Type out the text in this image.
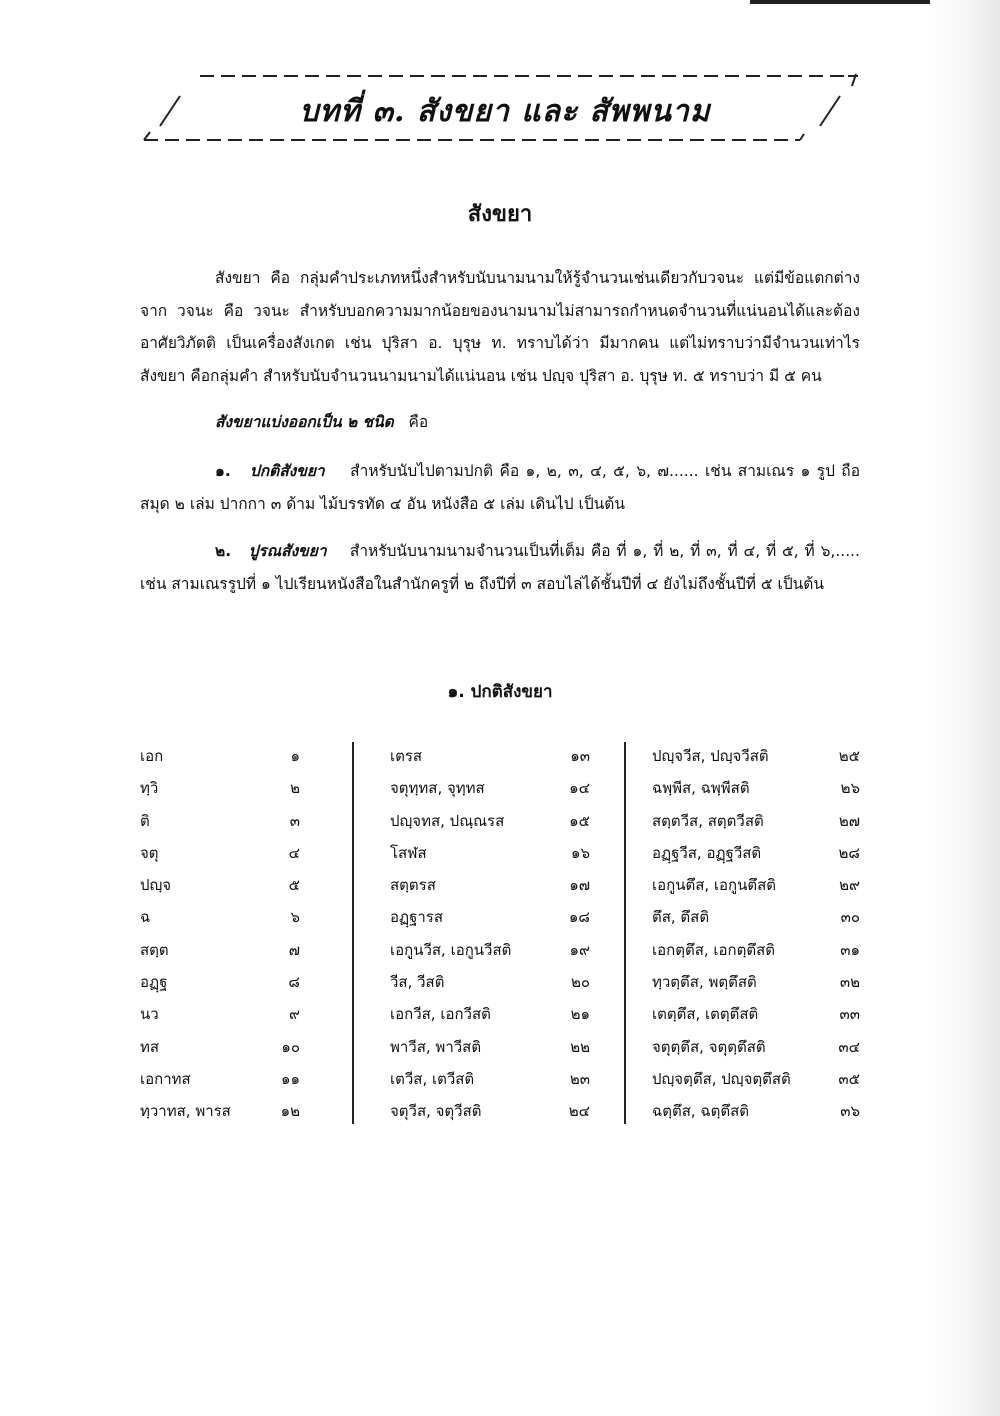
บทที่ ๓. สังขยา และ สัพพนาม
สังขยา
สังขยา คือ กลุ่มคำประเภทหนึ่งสำหรับนับนามนามให้รู้จำนวนเช่นเดียวกับวจนะ แต่มีข้อแตกต่างจาก วจนะ คือ วจนะ สำหรับบอกความมากน้อยของนามนามไม่สามารถกำหนดจำนวนที่แน่นอนได้และต้องอาศัยวิภัตติ เป็นเครื่องสังเกต เช่น ปุริสา อ. บุรุษ ท. ทราบได้ว่า มีมากคน แต่ไม่ทราบว่ามีจำนวนเท่าไร สังขยา คือกลุ่มคำ สำหรับนับจำนวนนามนามได้แน่นอน เช่น ปญฺจ ปุริสา อ. บุรุษ ท. ๕ ทราบว่า มี ๕ คน
สังขยาแบ่งออกเป็น ๒ ชนิด คือ
๑. ปกติสังขยา สำหรับนับไปตามปกติ คือ ๑, ๒, ๓, ๔, ๕, ๖, ๗...... เช่น สามเณร ๑ รูป ถือ สมุด ๒ เล่ม ปากกา ๓ ด้าม ไม้บรรทัด ๔ อัน หนังสือ ๕ เล่ม เดินไป เป็นต้น
๒. ปูรณสังขยา สำหรับนับนามนามจำนวนเป็นที่เต็ม คือ ที่ ๑, ที่ ๒, ที่ ๓, ที่ ๔, ที่ ๕, ที่ ๖,..... เช่น สามเณรรูปที่ ๑ ไปเรียนหนังสือในสำนักครูที่ ๒ ถึงปีที่ ๓ สอบไล่ได้ชั้นปีที่ ๔ ยังไม่ถึงชั้นปีที่ ๕ เป็นต้น
๑. ปกติสังขยา
เอก	๑
ทฺวิ	๒
ติ	๓
จตุ	๔
ปญฺจ	๕
ฉ	๖
สตฺต	๗
อฏฺฐ	๘
นว	๙
ทส	๑๐
เอกาทส	๑๑
ทฺวาทส, พารส	๑๒
เตรส	๑๓
จตุทฺทส, จุทฺทส	๑๔
ปญฺจทส, ปณฺณรส	๑๕
โสฬส	๑๖
สตฺตรส	๑๗
อฏฺฐารส	๑๘
เอกูนวีส, เอกูนวีสติ	๑๙
วีส, วีสติ	๒๐
เอกวีส, เอกวีสติ	๒๑
พาวีส, พาวีสติ	๒๒
เตวีส, เตวีสติ	๒๓
จตุวีส, จตุวีสติ	๒๔
ปญฺจวีส, ปญฺจวีสติ	๒๕
ฉพฺพีส, ฉพฺพีสติ	๒๖
สตฺตวีส, สตฺตวีสติ	๒๗
อฏฺฐวีส, อฏฺฐวีสติ	๒๘
เอกูนตึส, เอกูนตึสติ	๒๙
ตึส, ตึสติ	๓๐
เอกตฺตึส, เอกตฺตึสติ	๓๑
ทฺวตฺตึส, พตฺตึสติ	๓๒
เตตฺตึส, เตตฺตึสติ	๓๓
จตุตฺตึส, จตุตฺตึสติ	๓๔
ปญฺจตฺตึส, ปญฺจตฺตึสติ	๓๕
ฉตฺตึส, ฉตฺตึสติ	๓๖
